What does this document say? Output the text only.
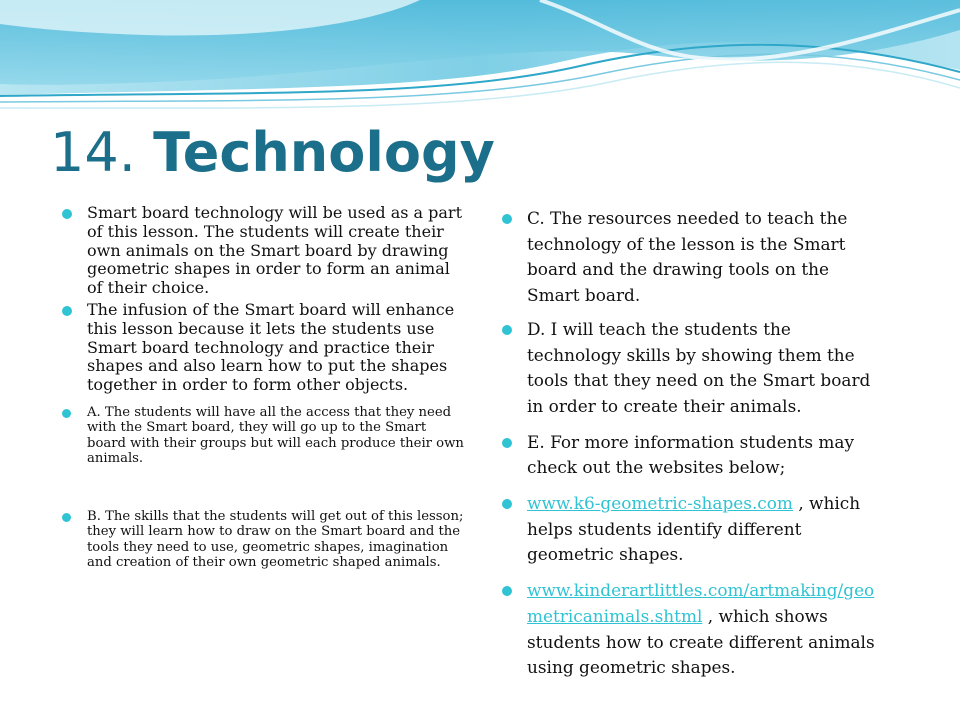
14. Technology
Smart board technology will be used as a part of this lesson. The students will create their own animals on the Smart board by drawing geometric shapes in order to form an animal of their choice.
The infusion of the Smart board will enhance this lesson because it lets the students use Smart board technology and practice their shapes and also learn how to put the shapes together in order to form other objects.
A. The students will have all the access that they need with the Smart board, they will go up to the Smart board with their groups but will each produce their own animals.
B. The skills that the students will get out of this lesson; they will learn how to draw on the Smart board and the tools they need to use, geometric shapes, imagination and creation of their own geometric shaped animals.
C. The resources needed to teach the technology of the lesson is the Smart board and the drawing tools on the Smart board.
D. I will teach the students the technology skills by showing them the tools that they need on the Smart board in order to create their animals.
E. For more information students may check out the websites below;
www.k6-geometric-shapes.com , which helps students identify different geometric shapes.
www.kinderartlittles.com/artmaking/geometricanimals.shtml , which shows students how to create different animals using geometric shapes.
